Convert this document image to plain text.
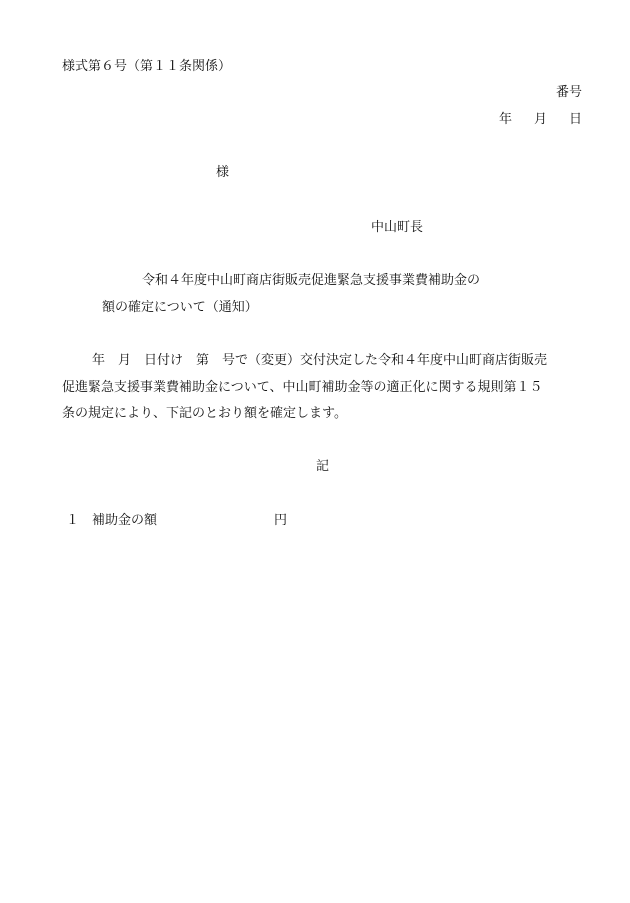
様式第６号（第１１条関係）
番号
年 月 日
様
中山町長
令和４年度中山町商店街販売促進緊急支援事業費補助金の
額の確定について（通知）
年　月　日付け　第　号で（変更）交付決定した令和４年度中山町商店街販売
促進緊急支援事業費補助金について、中山町補助金等の適正化に関する規則第１５
条の規定により、下記のとおり額を確定します。
記
１ 補助金の額	円
